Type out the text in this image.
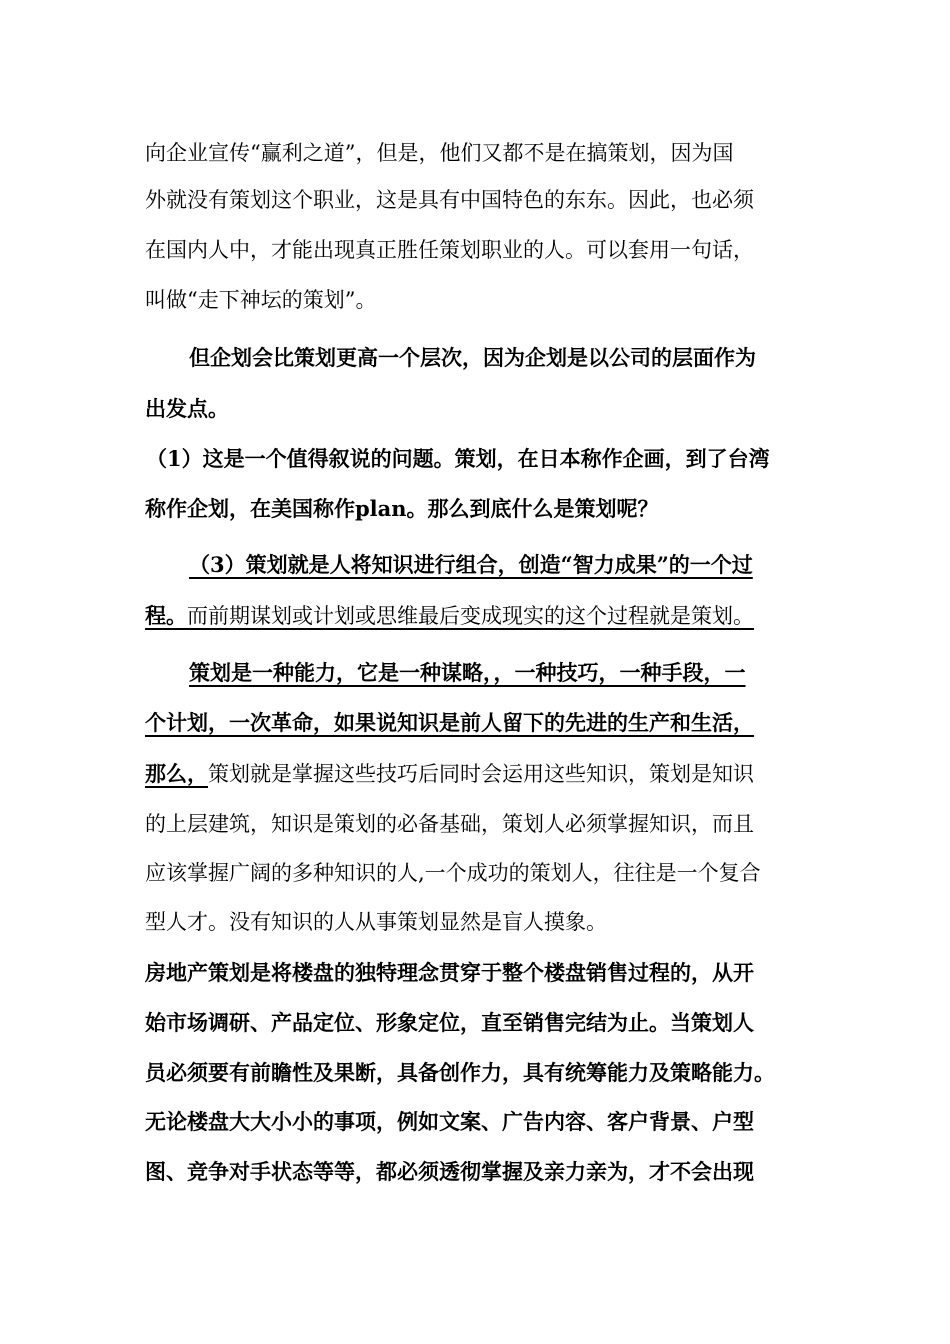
向企业宣传“赢利之道”，但是，他们又都不是在搞策划，因为国
外就没有策划这个职业，这是具有中国特色的东东。因此，也必须
在国内人中，才能出现真正胜任策划职业的人。可以套用一句话，
叫做“走下神坛的策划”。
但企划会比策划更高一个层次，因为企划是以公司的层面作为
出发点。
（1）这是一个值得叙说的问题。策划，在日本称作企画，到了台湾
称作企划，在美国称作plan。那么到底什么是策划呢？
（3）策划就是人将知识进行组合，创造“智力成果”的一个过
程。而前期谋划或计划或思维最后变成现实的这个过程就是策划。
策划是一种能力，它是一种谋略，，一种技巧，一种手段，一
个计划，一次革命，如果说知识是前人留下的先进的生产和生活，
那么，策划就是掌握这些技巧后同时会运用这些知识，策划是知识
的上层建筑，知识是策划的必备基础，策划人必须掌握知识，而且
应该掌握广阔的多种知识的人,一个成功的策划人，往往是一个复合
型人才。没有知识的人从事策划显然是盲人摸象。
房地产策划是将楼盘的独特理念贯穿于整个楼盘销售过程的，从开
始市场调研、产品定位、形象定位，直至销售完结为止。当策划人
员必须要有前瞻性及果断，具备创作力，具有统筹能力及策略能力。
无论楼盘大大小小的事项，例如文案、广告内容、客户背景、户型
图、竞争对手状态等等，都必须透彻掌握及亲力亲为，才不会出现
